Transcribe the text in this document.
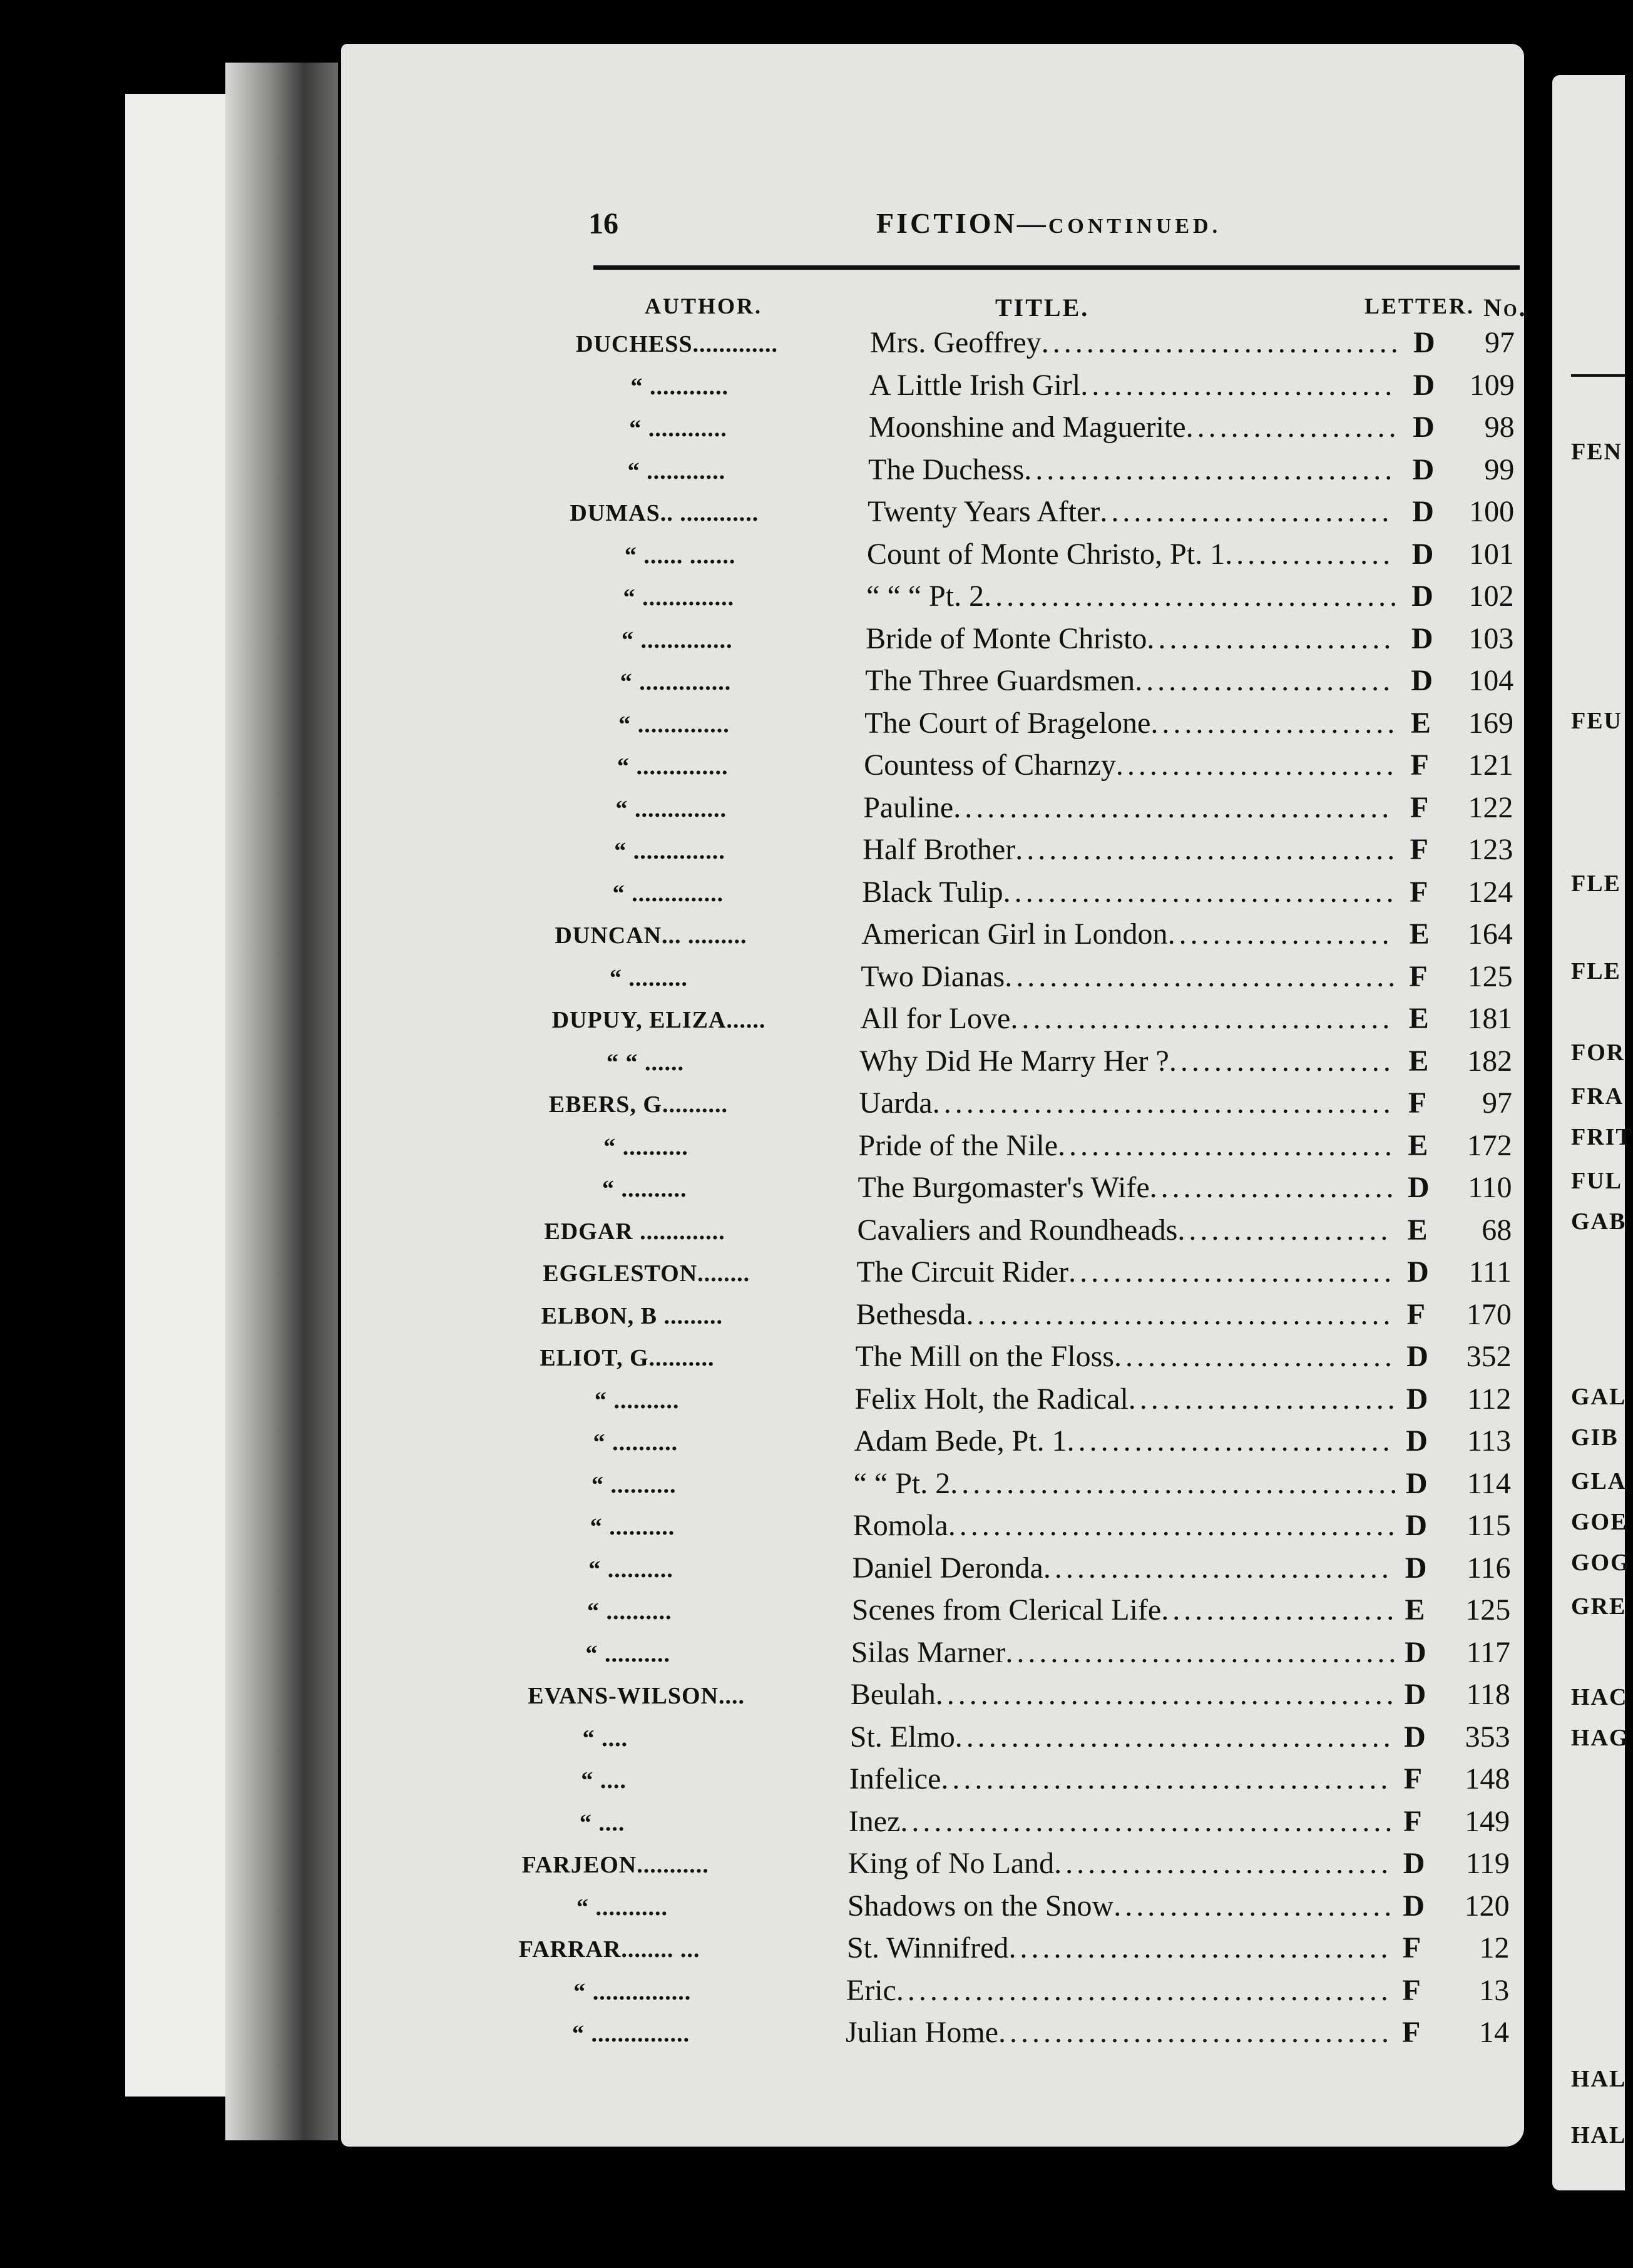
FEN
FEU
FLE
FLE
FOR
FRA
FRIT
FUL
GAB
GAL
GIB
GLA
GOE
GOG
GRE
HAC
HAG
HAL
HAL
16	FICTION—CONTINUED.
AUTHOR.	TITLE.	LETTER. No.
DUCHESS.............	Mrs. Geoffrey................................ D 97
“ ............	A Little Irish Girl............................ D 109
“ ............	Moonshine and Maguerite................... D 98
“ ............	The Duchess................................. D 99
DUMAS.. ............	Twenty Years After.......................... D 100
“ ...... .......	Count of Monte Christo, Pt. 1............... D 101
“ ..............	“ “ “ Pt. 2..................................... D 102
“ ..............	Bride of Monte Christo...................... D 103
“ ..............	The Three Guardsmen....................... D 104
“ ..............	The Court of Bragelone...................... E 169
“ ..............	Countess of Charnzy......................... F 121
“ ..............	Pauline....................................... F 122
“ ..............	Half Brother.................................. F 123
“ ..............	Black Tulip................................... F 124
DUNCAN... .........	American Girl in London.................... E 164
“ .........	Two Dianas................................... F 125
DUPUY, ELIZA......	All for Love.................................. E 181
“ “ ......	Why Did He Marry Her ?.................... E 182
EBERS, G..........	Uarda......................................... F 97
“ ..........	Pride of the Nile.............................. E 172
“ ..........	The Burgomaster's Wife...................... D 110
EDGAR .............	Cavaliers and Roundheads................... E 68
EGGLESTON........	The Circuit Rider............................. D 111
ELBON, B .........	Bethesda...................................... F 170
ELIOT, G..........	The Mill on the Floss......................... D 352
“ ..........	Felix Holt, the Radical........................ D 112
“ ..........	Adam Bede, Pt. 1............................. D 113
“ ..........	“ “ Pt. 2........................................ D 114
“ ..........	Romola........................................ D 115
“ ..........	Daniel Deronda............................... D 116
“ ..........	Scenes from Clerical Life..................... E 125
“ ..........	Silas Marner................................... D 117
EVANS-WILSON....	Beulah......................................... D 118
“ ....	St. Elmo....................................... D 353
“ ....	Infelice........................................ F 148
“ ....	Inez............................................ F 149
FARJEON...........	King of No Land.............................. D 119
“ ...........	Shadows on the Snow......................... D 120
FARRAR........ ...	St. Winnifred.................................. F 12
“ ...............	Eric............................................ F 13
“ ...............	Julian Home................................... F 14
